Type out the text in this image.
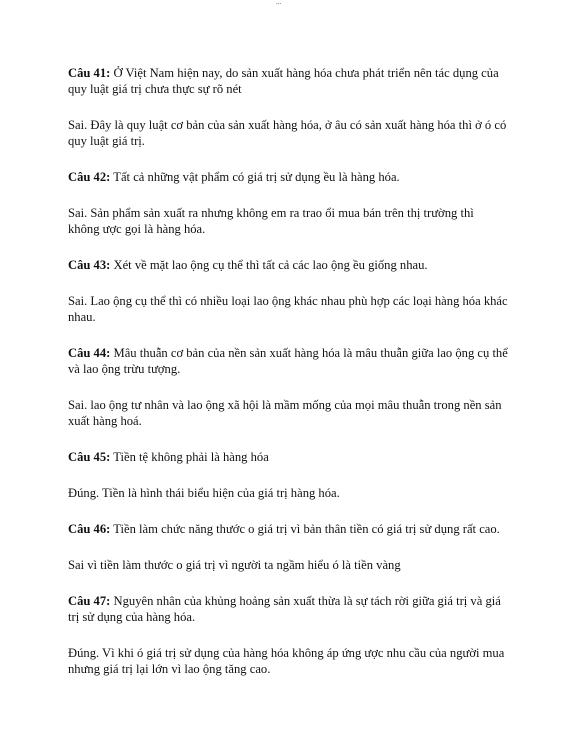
...

Câu 41: Ở Việt Nam hiện nay, do sản xuất hàng hóa chưa phát triển nên tác dụng của quy luật giá trị chưa thực sự rõ nét

Sai. Đây là quy luật cơ bản của sản xuất hàng hóa, ở âu có sản xuất hàng hóa thì ở ó có quy luật giá trị.

Câu 42: Tất cả những vật phẩm có giá trị sử dụng ều là hàng hóa.

Sai. Sản phẩm sản xuất ra nhưng không em ra trao ổi mua bán trên thị trường thì không ược gọi là hàng hóa.

Câu 43: Xét về mặt lao ộng cụ thể thì tất cả các lao ộng ều giống nhau.

Sai. Lao ộng cụ thể thì có nhiều loại lao ộng khác nhau phù hợp các loại hàng hóa khác nhau.

Câu 44: Mâu thuẫn cơ bản của nền sản xuất hàng hóa là mâu thuẫn giữa lao ộng cụ thể và lao ộng trừu tượng.

Sai. lao ộng tư nhân và lao ộng xã hội là mầm mống của mọi mâu thuẫn trong nền sản xuất hàng hoá.

Câu 45: Tiền tệ không phải là hàng hóa

Đúng. Tiền là hình thái biểu hiện của giá trị hàng hóa.

Câu 46: Tiền làm chức năng thước o giá trị vì bản thân tiền có giá trị sử dụng rất cao.

Sai vì tiền làm thước o giá trị vì người ta ngầm hiểu ó là tiền vàng

Câu 47: Nguyên nhân của khủng hoảng sản xuất thừa là sự tách rời giữa giá trị và giá trị sử dụng của hàng hóa.

Đúng. Vì khi ó giá trị sử dụng của hàng hóa không áp ứng ược nhu cầu của người mua nhưng giá trị lại lớn vì lao ộng tăng cao.
